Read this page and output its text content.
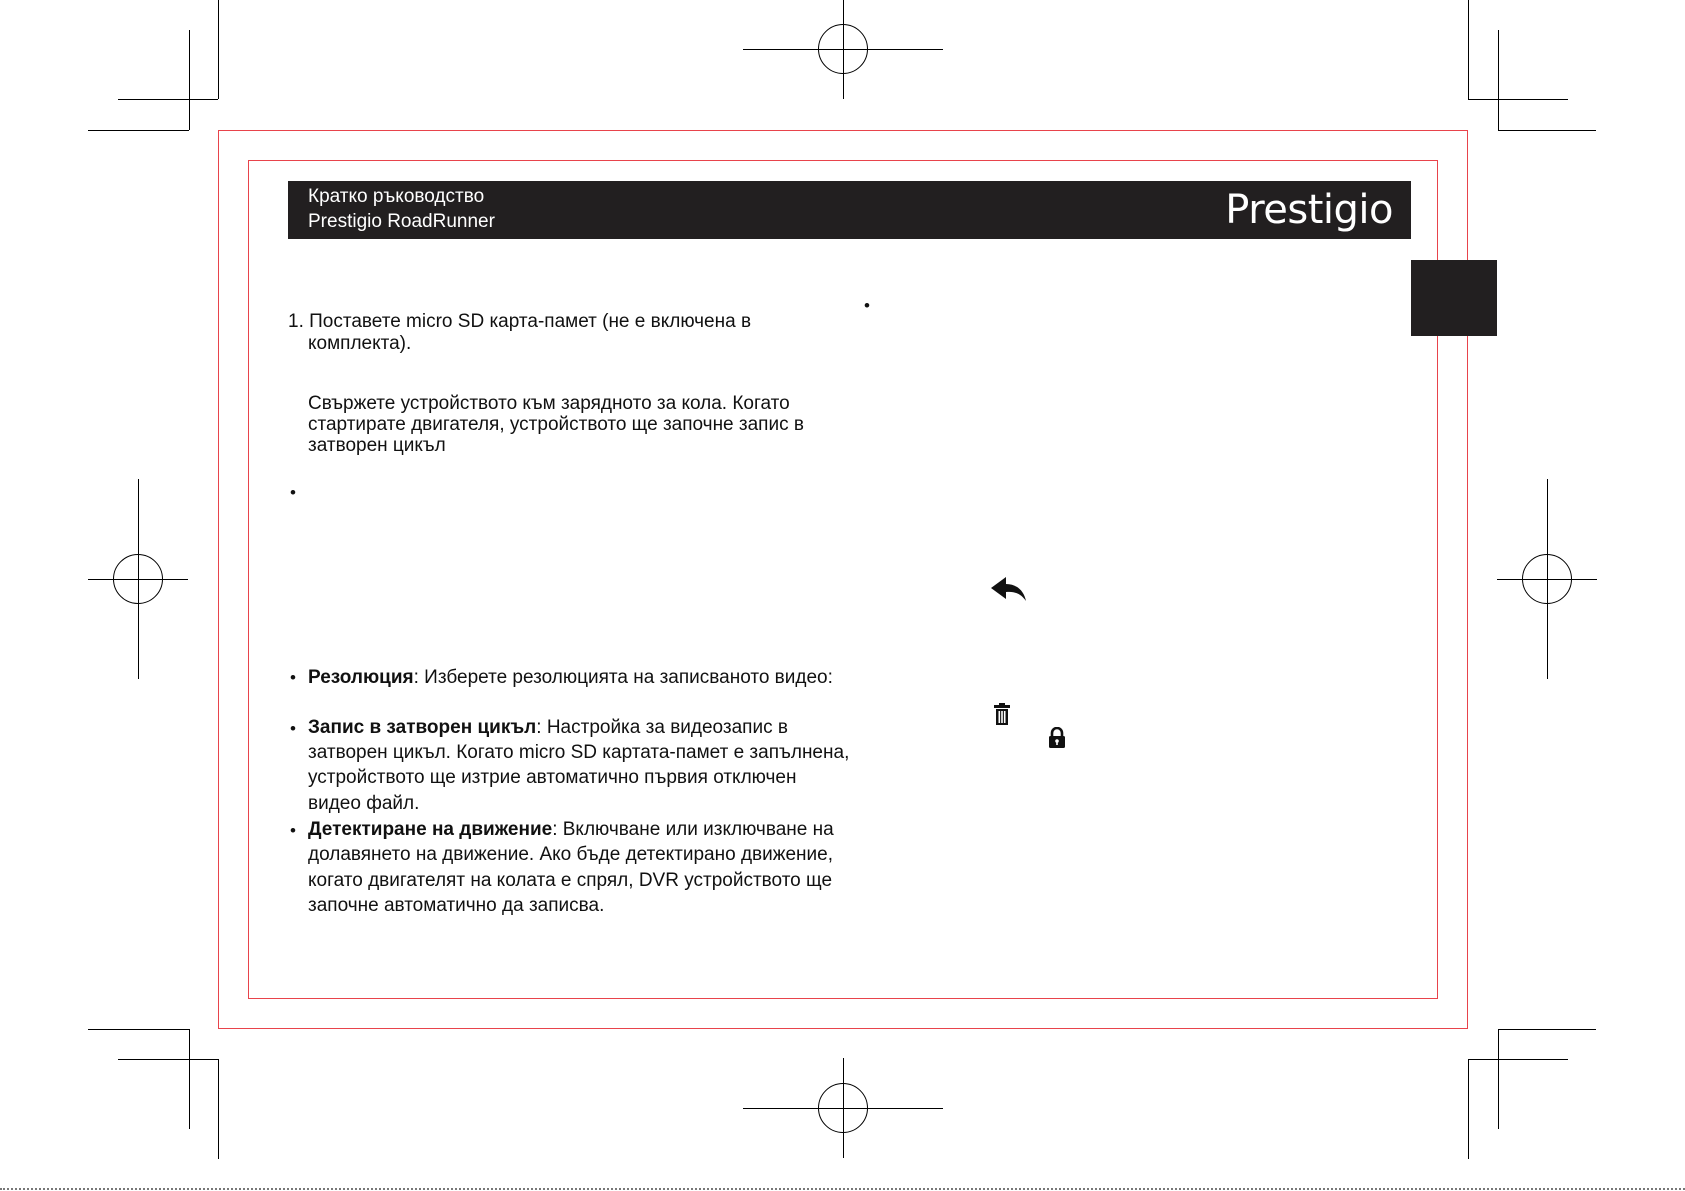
Кратко ръководство
Prestigio RoadRunner	Prestigio
1. Поставете micro SD карта-памет (не е включена в
комплекта).
Свържете устройството към зарядното за кола. Когато
стартирате двигателя, устройството ще започне запис в
затворен цикъл
•
•
• Резолюция: Изберете резолюцията на записваното видео:
• Запис в затворен цикъл: Настройка за видеозапис в
затворен цикъл. Когато micro SD картата-памет е запълнена,
устройството ще изтрие автоматично първия отключен
видео файл.
• Детектиране на движение: Включване или изключване на
долавянето на движение. Ако бъде детектирано движение,
когато двигателят на колата е спрял, DVR устройството ще
започне автоматично да записва.
